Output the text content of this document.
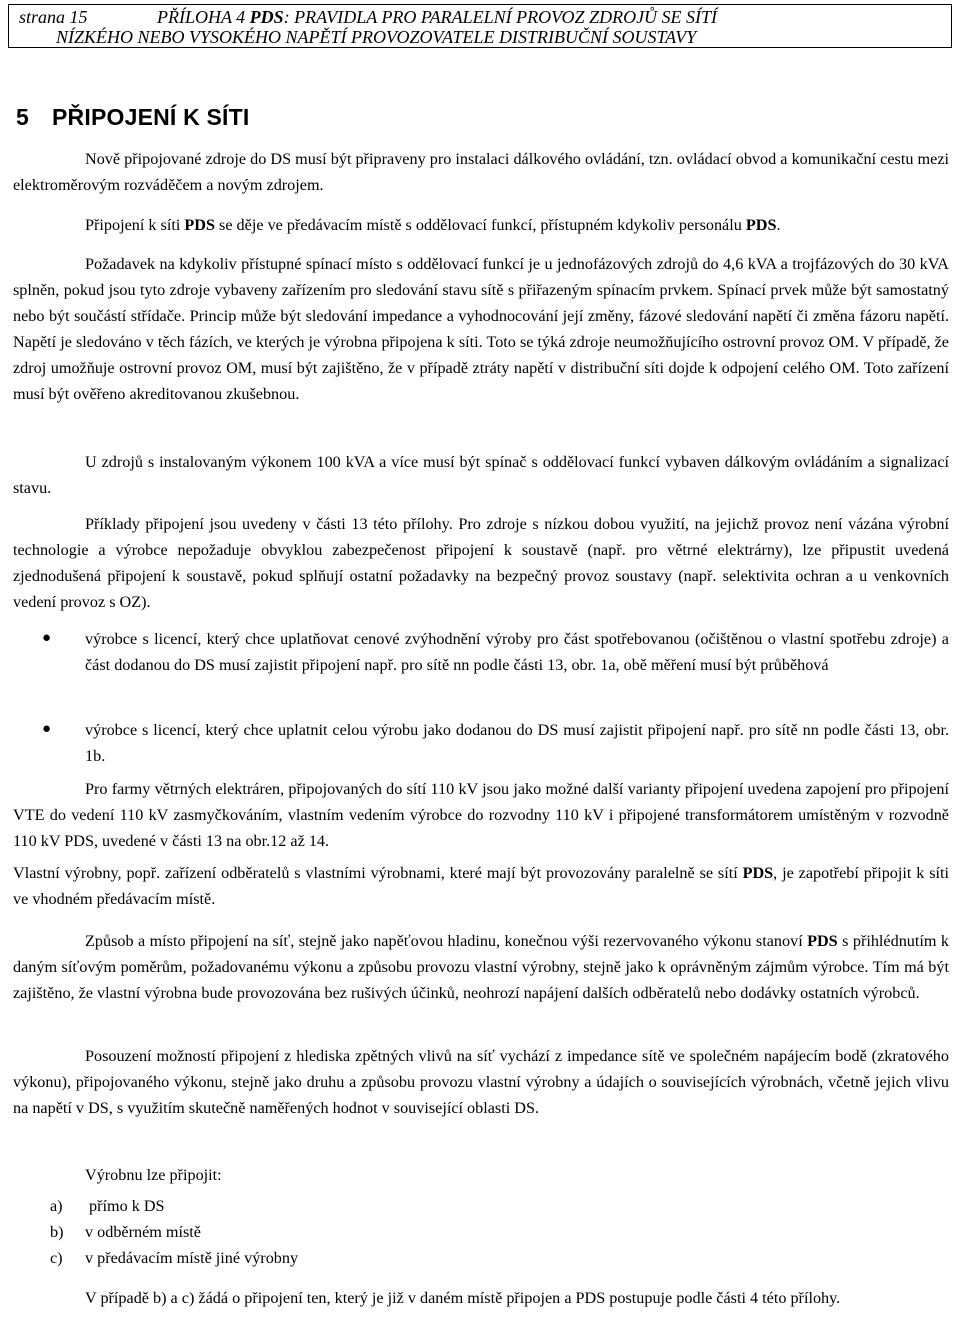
strana 15	PŘÍLOHA 4 PDS: PRAVIDLA PRO PARALELNÍ PROVOZ ZDROJŮ SE SÍTÍ
NÍZKÉHO NEBO VYSOKÉHO NAPĚTÍ PROVOZOVATELE DISTRIBUČNÍ SOUSTAVY
5 PŘIPOJENÍ K SÍTI

Nově připojované zdroje do DS musí být připraveny pro instalaci dálkového ovládání, tzn. ovládací obvod a komunikační cestu mezi elektroměrovým rozváděčem a novým zdrojem.

Připojení k síti PDS se děje ve předávacím místě s oddělovací funkcí, přístupném kdykoliv personálu PDS.

Požadavek na kdykoliv přístupné spínací místo s oddělovací funkcí je u jednofázových zdrojů do 4,6 kVA a trojfázových do 30 kVA splněn, pokud jsou tyto zdroje vybaveny zařízením pro sledování stavu sítě s přiřazeným spínacím prvkem. Spínací prvek může být samostatný nebo být součástí střídače. Princip může být sledování impedance a vyhodnocování její změny, fázové sledování napětí či změna fázoru napětí. Napětí je sledováno v těch fázích, ve kterých je výrobna připojena k síti. Toto se týká zdroje neumožňujícího ostrovní provoz OM. V případě, že zdroj umožňuje ostrovní provoz OM, musí být zajištěno, že v případě ztráty napětí v distribuční síti dojde k odpojení celého OM. Toto zařízení musí být ověřeno akreditovanou zkušebnou.

U zdrojů s instalovaným výkonem 100 kVA a více musí být spínač s oddělovací funkcí vybaven dálkovým ovládáním a signalizací stavu.

Příklady připojení jsou uvedeny v části 13 této přílohy. Pro zdroje s nízkou dobou využití, na jejichž provoz není vázána výrobní technologie a výrobce nepožaduje obvyklou zabezpečenost připojení k soustavě (např. pro větrné elektrárny), lze připustit uvedená zjednodušená připojení k soustavě, pokud splňují ostatní požadavky na bezpečný provoz soustavy (např. selektivita ochran a u venkovních vedení provoz s OZ).

● výrobce s licencí, který chce uplatňovat cenové zvýhodnění výroby pro část spotřebovanou (očištěnou o vlastní spotřebu zdroje) a část dodanou do DS musí zajistit připojení např. pro sítě nn podle části 13, obr. 1a, obě měření musí být průběhová

● výrobce s licencí, který chce uplatnit celou výrobu jako dodanou do DS musí zajistit připojení např. pro sítě nn podle části 13, obr. 1b.

Pro farmy větrných elektráren, připojovaných do sítí 110 kV jsou jako možné další varianty připojení uvedena zapojení pro připojení VTE do vedení 110 kV zasmyčkováním, vlastním vedením výrobce do rozvodny 110 kV i připojené transformátorem umístěným v rozvodně 110 kV PDS, uvedené v části 13 na obr.12 až 14.

Vlastní výrobny, popř. zařízení odběratelů s vlastními výrobnami, které mají být provozovány paralelně se sítí PDS, je zapotřebí připojit k síti ve vhodném předávacím místě.

Způsob a místo připojení na síť, stejně jako napěťovou hladinu, konečnou výši rezervovaného výkonu stanoví PDS s přihlédnutím k daným síťovým poměrům, požadovanému výkonu a způsobu provozu vlastní výrobny, stejně jako k oprávněným zájmům výrobce. Tím má být zajištěno, že vlastní výrobna bude provozována bez rušivých účinků, neohrozí napájení dalších odběratelů nebo dodávky ostatních výrobců.

Posouzení možností připojení z hlediska zpětných vlivů na síť vychází z impedance sítě ve společném napájecím bodě (zkratového výkonu), připojovaného výkonu, stejně jako druhu a způsobu provozu vlastní výrobny a údajích o souvisejících výrobnách, včetně jejich vlivu na napětí v DS, s využitím skutečně naměřených hodnot v související oblasti DS.

Výrobnu lze připojit:

a) přímo k DS
b) v odběrném místě
c) v předávacím místě jiné výrobny

V případě b) a c) žádá o připojení ten, který je již v daném místě připojen a PDS postupuje podle části 4 této přílohy.
